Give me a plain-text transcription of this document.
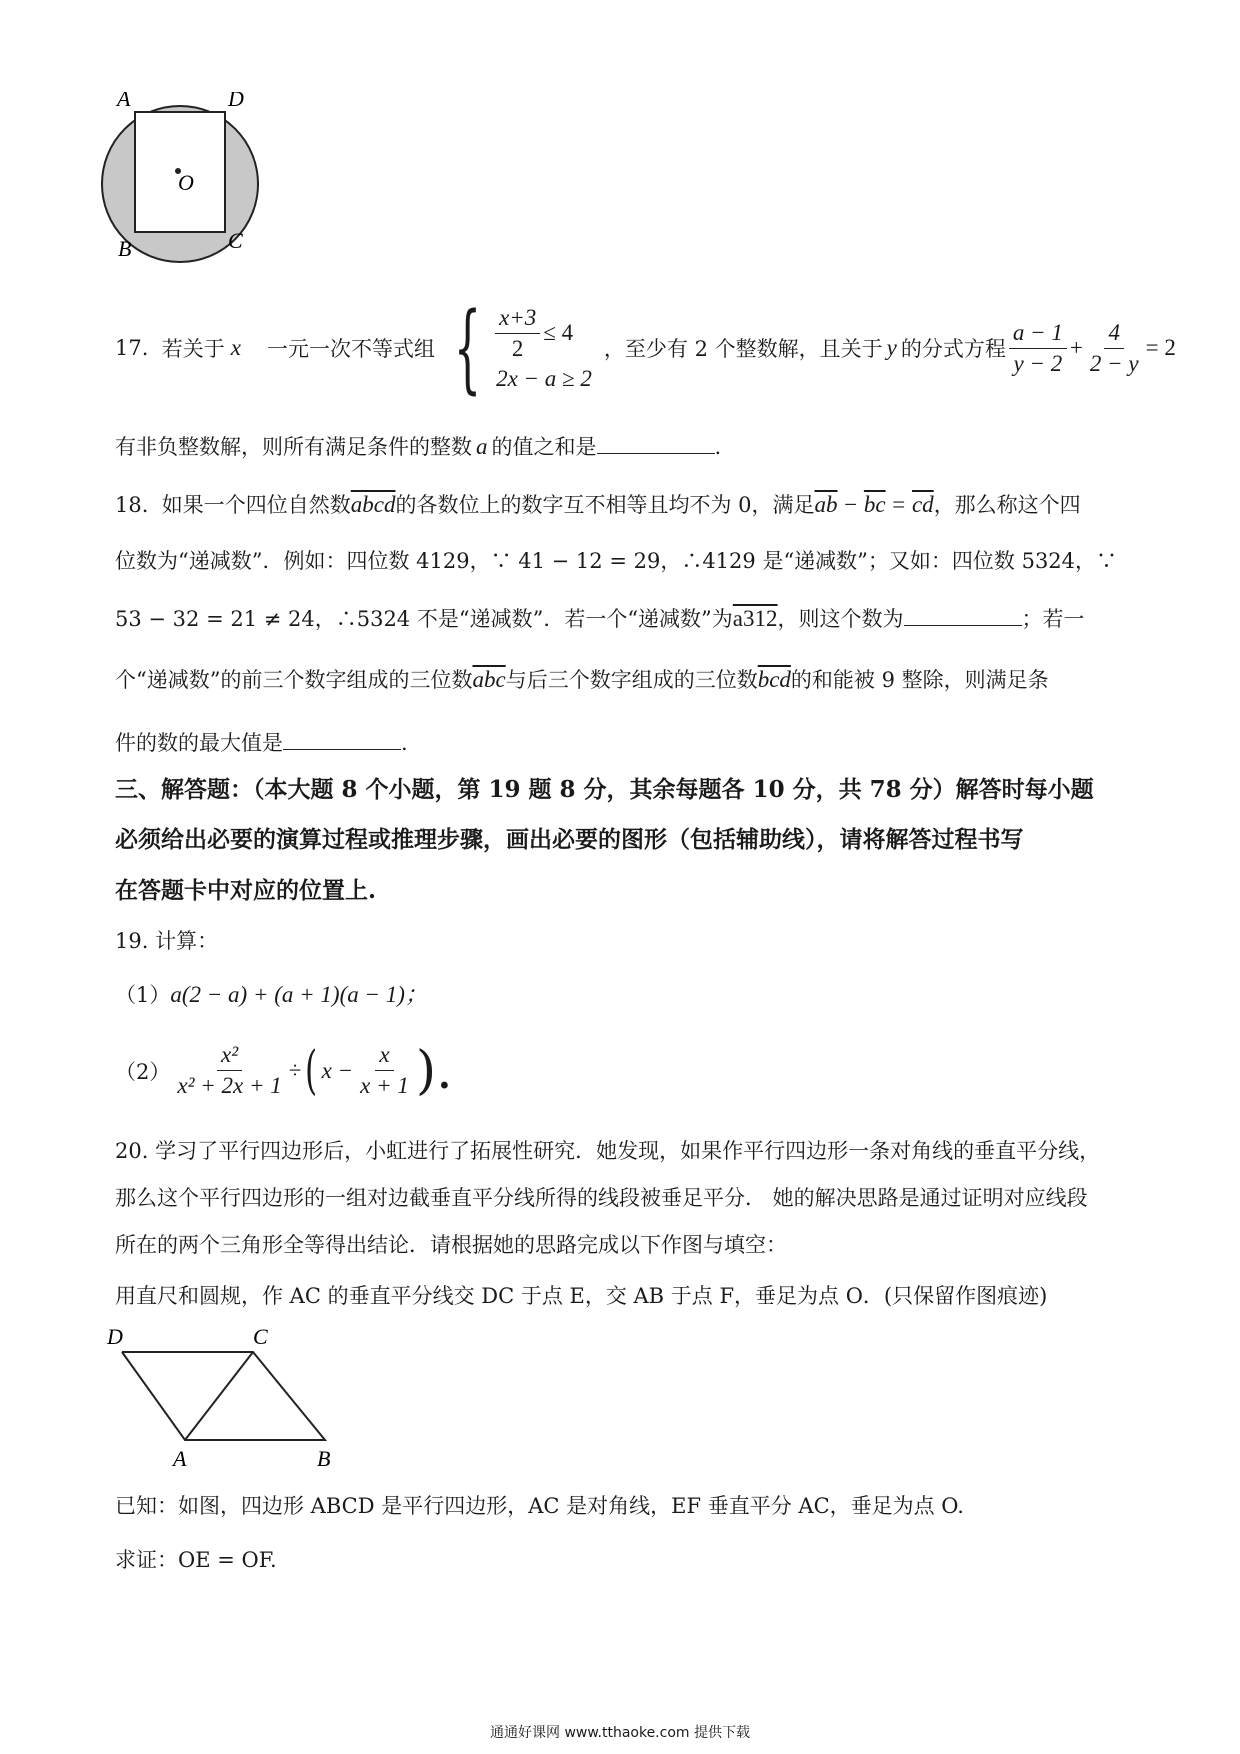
A	D
O
B	C
17.
若关于 x 一元一次不等式组 { $\frac{x+3}{2} \le 4$
2x − a ≥ 2
，至少有 2 个整数解，且关于 y 的分式方程 $\frac{a - 1}{y - 2} + \frac{4}{2 - y} = 2$
有非负整数解，则所有满足条件的整数 a 的值之和是	.
18. 如果一个四位自然数abcd的各数位上的数字互不相等且均不为 0，满足$\overline{ab} - \overline{bc} = \overline{cd}$，那么称这个四
位数为“递减数”．例如：四位数 4129，∵ 41 − 12 = 29，∴4129 是“递减数”；又如：四位数 5324，∵
53 − 32 = 21 ≠ 24，∴5324 不是“递减数”．若一个“递减数”为a312，则这个数为	；若一
个“递减数”的前三个数字组成的三位数$\overline{abc}$与后三个数字组成的三位数$\overline{bcd}$的和能被 9 整除，则满足条
件的数的最大值是	.
三、解答题：（本大题 8 个小题，第 19 题 8 分，其余每题各 10 分，共 78 分）解答时每小题
必须给出必要的演算过程或推理步骤，画出必要的图形（包括辅助线），请将解答过程书写
在答题卡中对应的位置上.
19. 计算：
（1）a(2 − a) + (a + 1)(a − 1)；
$(2) \frac{\text{x²}}{\text{x² + 2x + 1}}$ ÷ ( $x - \frac{x}{x + 1}$ ).
20. 学习了平行四边形后，小虹进行了拓展性研究．她发现，如果作平行四边形一条对角线的垂直平分线，
那么这个平行四边形的一组对边截垂直平分线所得的线段被垂足平分． 她的解决思路是通过证明对应线段
所在的两个三角形全等得出结论．请根据她的思路完成以下作图与填空：
用直尺和圆规，作 AC 的垂直平分线交 DC 于点 E，交 AB 于点 F，垂足为点 O．(只保留作图痕迹)
D	C
A	B
已知：如图，四边形 ABCD 是平行四边形，AC 是对角线，EF 垂直平分 AC，垂足为点 O.
求证：OE = OF.
通通好课网 www.tthaoke.com 提供下载
